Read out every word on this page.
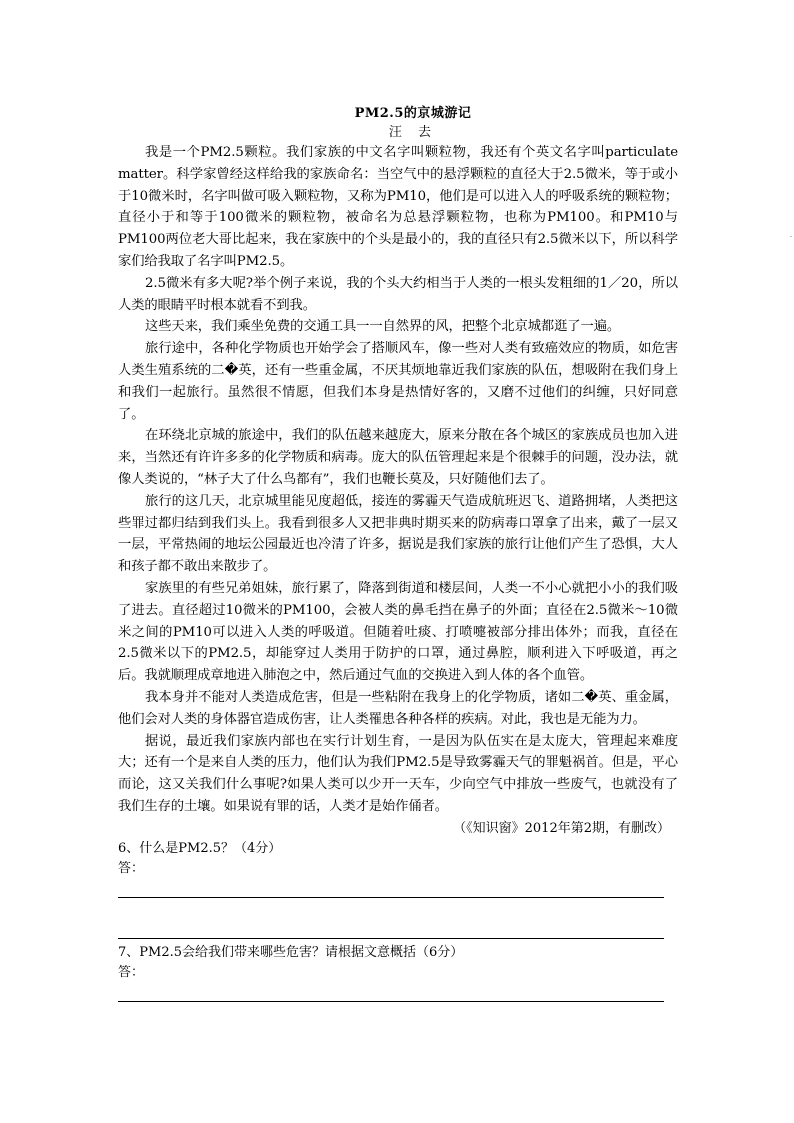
PM2.5的京城游记
汪 去

我是一个PM2.5颗粒。我们家族的中文名字叫颗粒物，我还有个英文名字叫particulate matter。科学家曾经这样给我的家族命名：当空气中的悬浮颗粒的直径大于2.5微米，等于或小于10微米时，名字叫做可吸入颗粒物，又称为PM10，他们是可以进入人的呼吸系统的颗粒物；直径小于和等于100微米的颗粒物，被命名为总悬浮颗粒物，也称为PM100。和PM10与PM100两位老大哥比起来，我在家族中的个头是最小的，我的直径只有2.5微米以下，所以科学家们给我取了名字叫PM2.5。

2.5微米有多大呢?举个例子来说，我的个头大约相当于人类的一根头发粗细的1／20，所以人类的眼睛平时根本就看不到我。

这些天来，我们乘坐免费的交通工具一一自然界的风，把整个北京城都逛了一遍。

旅行途中，各种化学物质也开始学会了搭顺风车，像一些对人类有致癌效应的物质，如危害人类生殖系统的二�英，还有一些重金属，不厌其烦地靠近我们家族的队伍，想吸附在我们身上和我们一起旅行。虽然很不情愿，但我们本身是热情好客的，又磨不过他们的纠缠，只好同意了。

在环绕北京城的旅途中，我们的队伍越来越庞大，原来分散在各个城区的家族成员也加入进来，当然还有许许多多的化学物质和病毒。庞大的队伍管理起来是个很棘手的问题，没办法，就像人类说的，“林子大了什么鸟都有”，我们也鞭长莫及，只好随他们去了。

旅行的这几天，北京城里能见度超低，接连的雾霾天气造成航班迟飞、道路拥堵，人类把这些罪过都归结到我们头上。我看到很多人又把非典时期买来的防病毒口罩拿了出来，戴了一层又一层，平常热闹的地坛公园最近也冷清了许多，据说是我们家族的旅行让他们产生了恐惧，大人和孩子都不敢出来散步了。

家族里的有些兄弟姐妹，旅行累了，降落到街道和楼层间，人类一不小心就把小小的我们吸了进去。直径超过10微米的PM100，会被人类的鼻毛挡在鼻子的外面；直径在2.5微米～10微米之间的PM10可以进入人类的呼吸道。但随着吐痰、打喷嚏被部分排出体外；而我，直径在2.5微米以下的PM2.5，却能穿过人类用于防护的口罩，通过鼻腔，顺利进入下呼吸道，再之后。我就顺理成章地进入肺泡之中，然后通过气血的交换进入到人体的各个血管。

我本身并不能对人类造成危害，但是一些粘附在我身上的化学物质，诸如二�英、重金属，他们会对人类的身体器官造成伤害，让人类罹患各种各样的疾病。对此，我也是无能为力。

据说，最近我们家族内部也在实行计划生育，一是因为队伍实在是太庞大，管理起来难度大；还有一个是来自人类的压力，他们认为我们PM2.5是导致雾霾天气的罪魁祸首。但是，平心而论，这又关我们什么事呢?如果人类可以少开一天车，少向空气中排放一些废气，也就没有了我们生存的土壤。如果说有罪的话，人类才是始作俑者。

（《知识窗》2012年第2期，有删改）
6、什么是PM2.5？（4分）
答：
7、PM2.5会给我们带来哪些危害？请根据文意概括（6分）
答：
.
